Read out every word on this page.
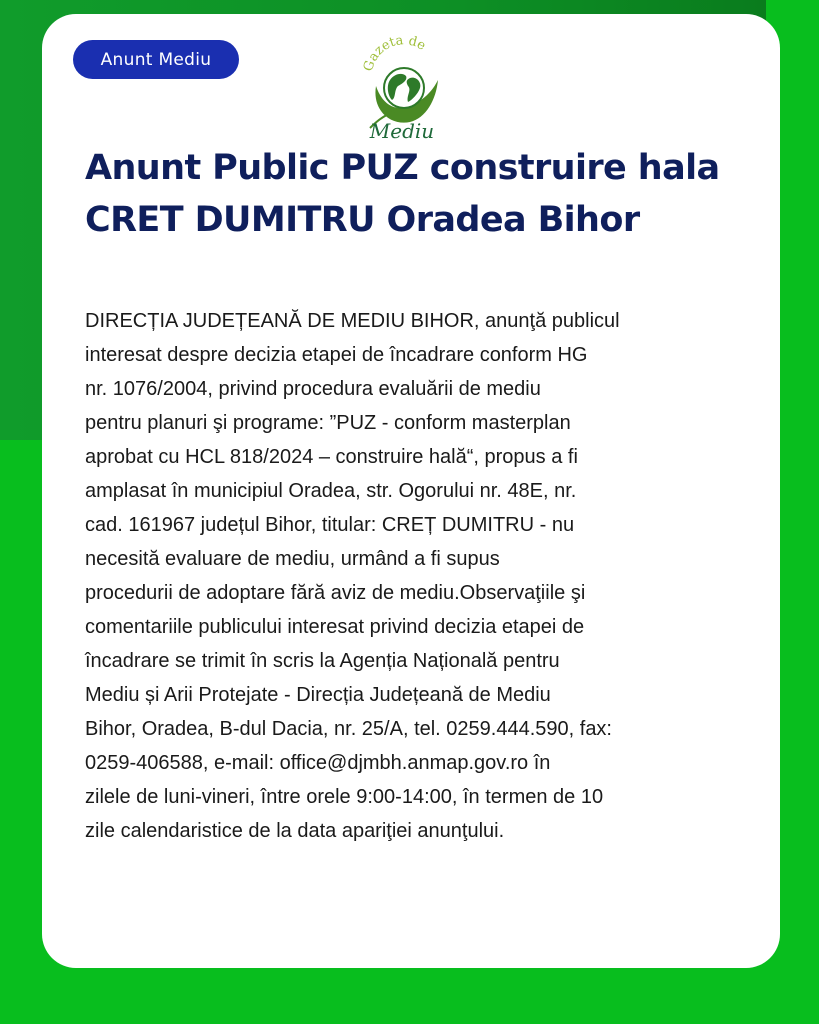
Anunt Mediu	Gazeta de
Mediu
Anunt Public PUZ construire hala
CRET DUMITRU Oradea Bihor
DIRECȚIA JUDEȚEANĂ DE MEDIU BIHOR, anunţă publicul
interesat despre decizia etapei de încadrare conform HG
nr. 1076/2004, privind procedura evaluării de mediu
pentru planuri şi programe: ”PUZ - conform masterplan
aprobat cu HCL 818/2024 – construire hală“, propus a fi
amplasat în municipiul Oradea, str. Ogorului nr. 48E, nr.
cad. 161967 județul Bihor, titular: CREȚ DUMITRU - nu
necesită evaluare de mediu, urmând a fi supus
procedurii de adoptare fără aviz de mediu.Observaţiile şi
comentariile publicului interesat privind decizia etapei de
încadrare se trimit în scris la Agenția Națională pentru
Mediu și Arii Protejate - Direcția Județeană de Mediu
Bihor, Oradea, B-dul Dacia, nr. 25/A, tel. 0259.444.590, fax:
0259-406588, e-mail: office@djmbh.anmap.gov.ro în
zilele de luni-vineri, între orele 9:00-14:00, în termen de 10
zile calendaristice de la data apariţiei anunţului.
